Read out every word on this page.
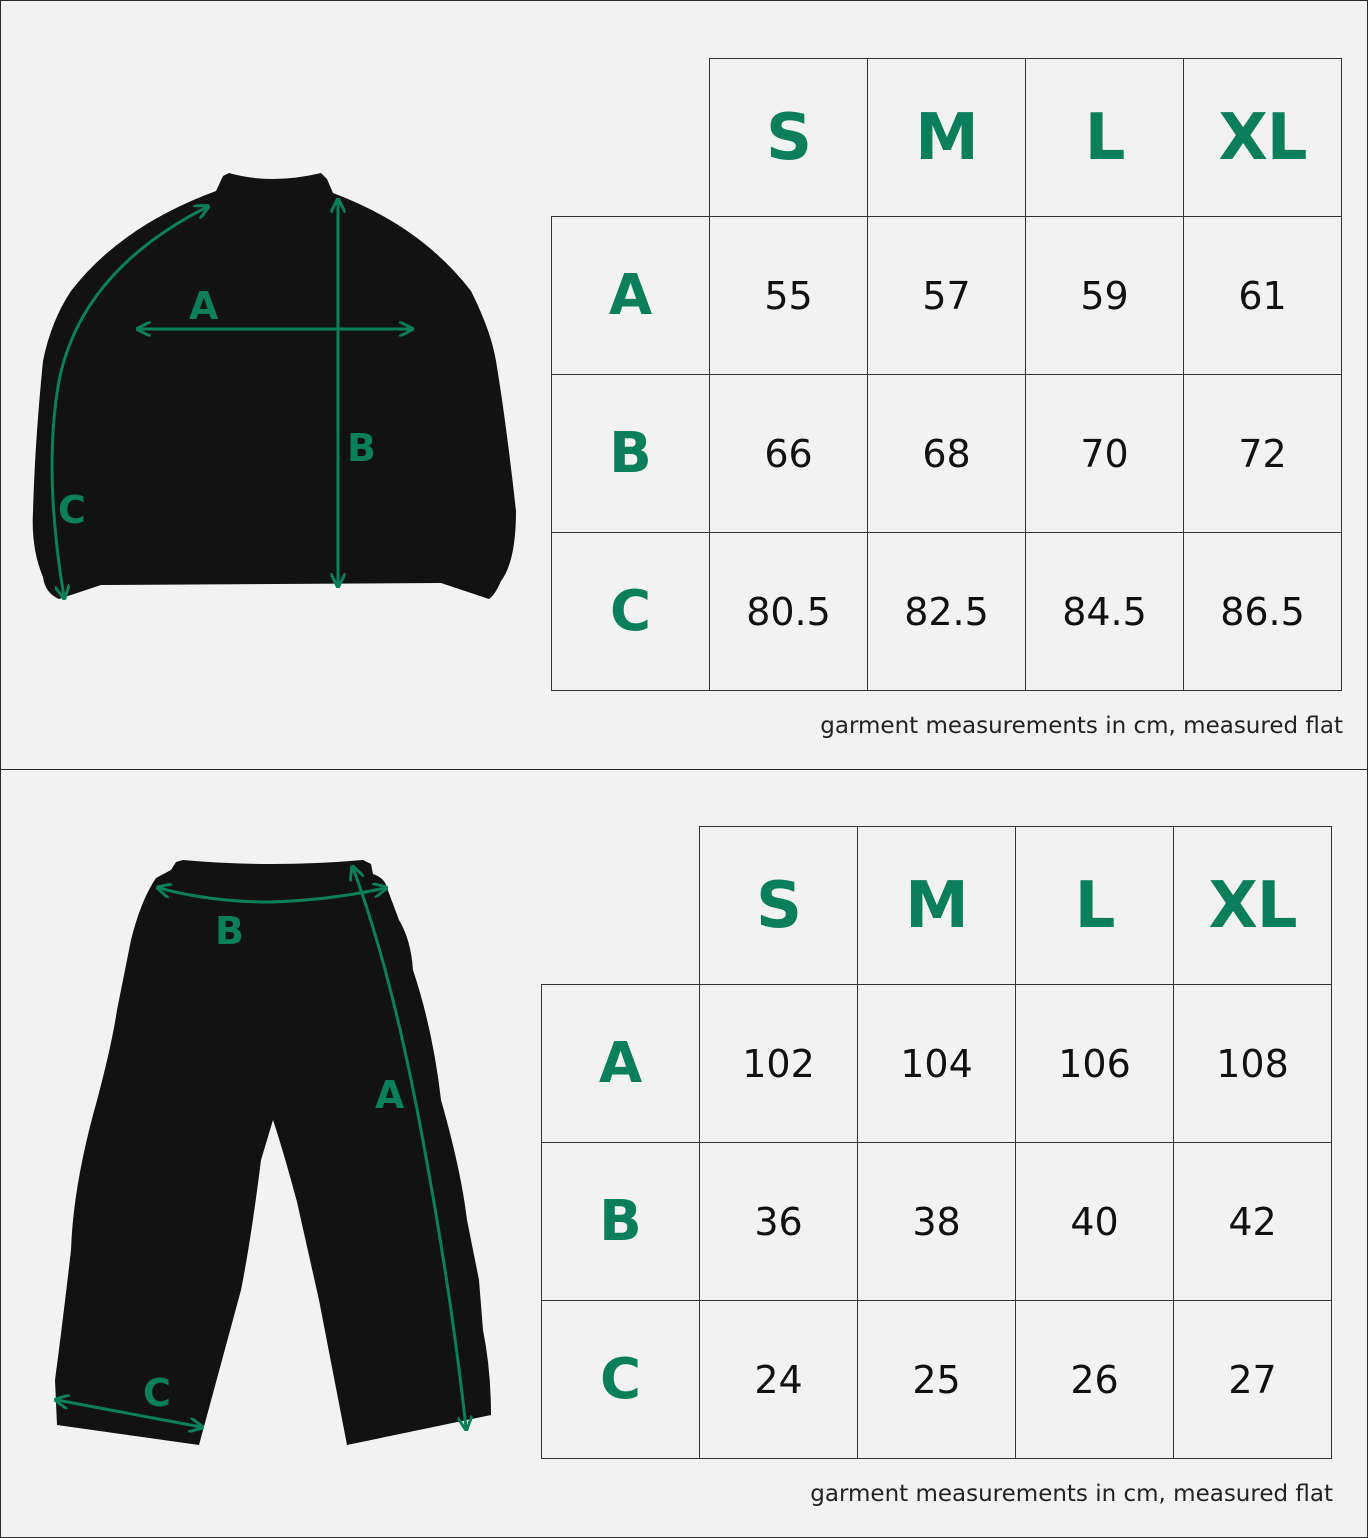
A
B
C
S	M	L	XL
A	55	57	59	61
B	66	68	70	72
C	80.5	82.5	84.5	86.5
garment measurements in cm, measured flat
B
A
C
S	M	L	XL
A	102	104	106	108
B	36	38	40	42
C	24	25	26	27
garment measurements in cm, measured flat
